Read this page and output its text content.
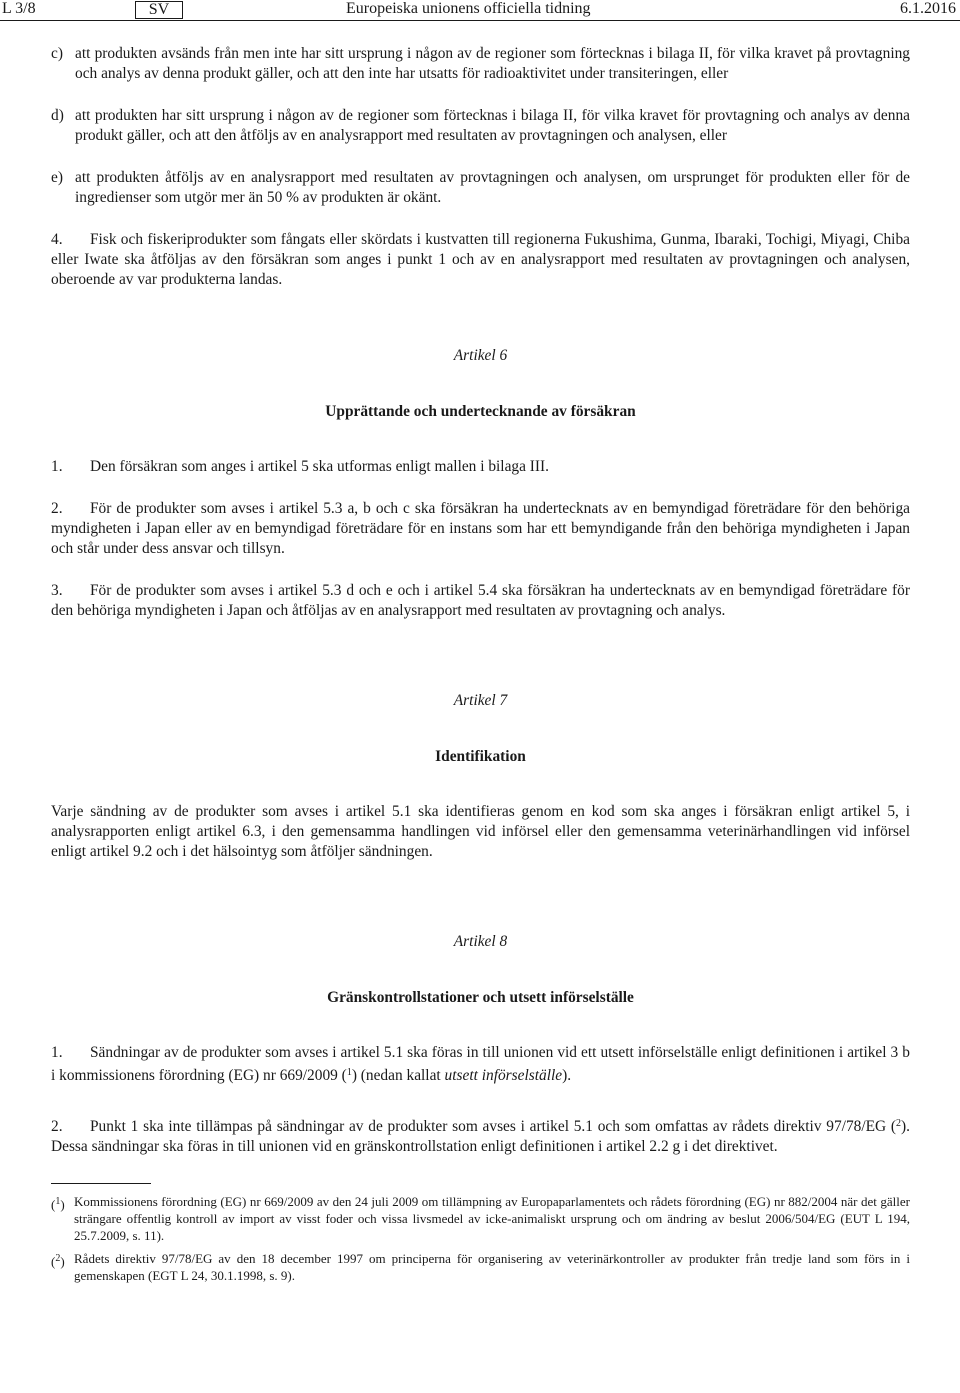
L 3/8	SV	Europeiska unionens officiella tidning	6.1.2016
c) att produkten avsänds från men inte har sitt ursprung i någon av de regioner som förtecknas i bilaga II, för vilka kravet på provtagning och analys av denna produkt gäller, och att den inte har utsatts för radioaktivitet under transiteringen, eller
d) att produkten har sitt ursprung i någon av de regioner som förtecknas i bilaga II, för vilka kravet för provtagning och analys av denna produkt gäller, och att den åtföljs av en analysrapport med resultaten av provtagningen och analysen, eller
e) att produkten åtföljs av en analysrapport med resultaten av provtagningen och analysen, om ursprunget för produkten eller för de ingredienser som utgör mer än 50 % av produkten är okänt.

4. Fisk och fiskeriprodukter som fångats eller skördats i kustvatten till regionerna Fukushima, Gunma, Ibaraki, Tochigi, Miyagi, Chiba eller Iwate ska åtföljas av den försäkran som anges i punkt 1 och av en analysrapport med resultaten av provtagningen och analysen, oberoende av var produkterna landas.

Artikel 6

Upprättande och undertecknande av försäkran

1. Den försäkran som anges i artikel 5 ska utformas enligt mallen i bilaga III.

2. För de produkter som avses i artikel 5.3 a, b och c ska försäkran ha undertecknats av en bemyndigad företrädare för den behöriga myndigheten i Japan eller av en bemyndigad företrädare för en instans som har ett bemyndigande från den behöriga myndigheten i Japan och står under dess ansvar och tillsyn.

3. För de produkter som avses i artikel 5.3 d och e och i artikel 5.4 ska försäkran ha undertecknats av en bemyndigad företrädare för den behöriga myndigheten i Japan och åtföljas av en analysrapport med resultaten av provtagning och analys.

Artikel 7

Identifikation

Varje sändning av de produkter som avses i artikel 5.1 ska identifieras genom en kod som ska anges i försäkran enligt artikel 5, i analysrapporten enligt artikel 6.3, i den gemensamma handlingen vid införsel eller den gemensamma veterinärhandlingen vid införsel enligt artikel 9.2 och i det hälsointyg som åtföljer sändningen.

Artikel 8

Gränskontrollstationer och utsett införselställe

1. Sändningar av de produkter som avses i artikel 5.1 ska föras in till unionen vid ett utsett införselställe enligt definitionen i artikel 3 b i kommissionens förordning (EG) nr 669/2009 ($^1$) (nedan kallat utsett införselställe).

2. Punkt 1 ska inte tillämpas på sändningar av de produkter som avses i artikel 5.1 och som omfattas av rådets direktiv 97/78/EG ($^2$). Dessa sändningar ska föras in till unionen vid en gränskontrollstation enligt definitionen i artikel 2.2 g i det direktivet.

($^1$) Kommissionens förordning (EG) nr 669/2009 av den 24 juli 2009 om tillämpning av Europaparlamentets och rådets förordning (EG) nr 882/2004 när det gäller strängare offentlig kontroll av import av visst foder och vissa livsmedel av icke-animaliskt ursprung och om ändring av beslut 2006/504/EG (EUT L 194, 25.7.2009, s. 11).
($^2$) Rådets direktiv 97/78/EG av den 18 december 1997 om principerna för organisering av veterinärkontroller av produkter från tredje land som förs in i gemenskapen (EGT L 24, 30.1.1998, s. 9).
